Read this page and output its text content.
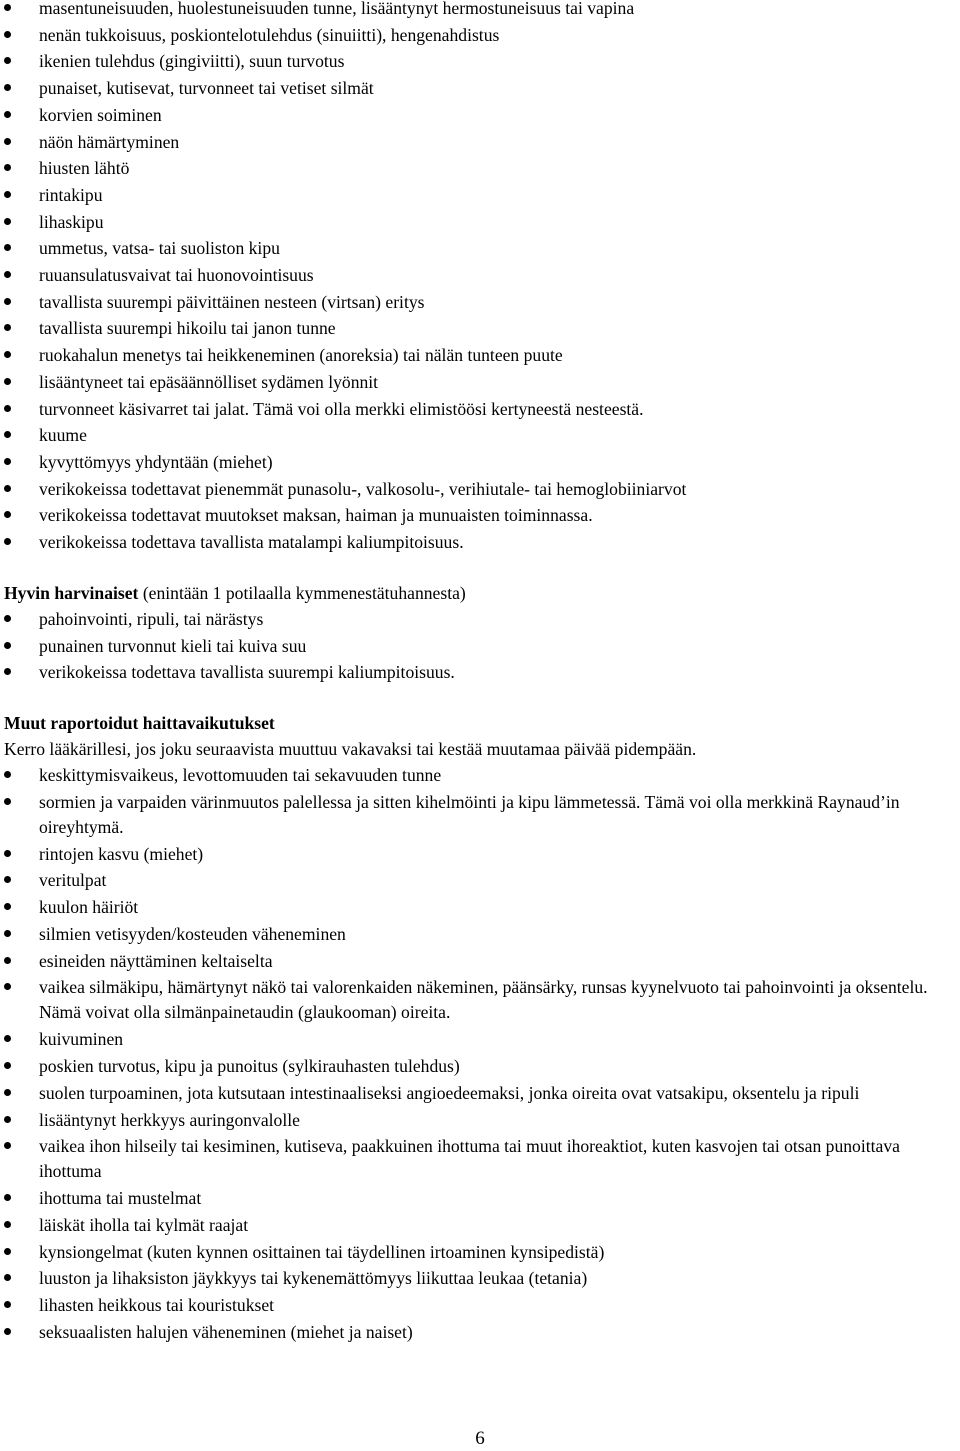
masentuneisuuden, huolestuneisuuden tunne, lisääntynyt hermostuneisuus tai vapina
nenän tukkoisuus, poskiontelotulehdus (sinuiitti), hengenahdistus
ikenien tulehdus (gingiviitti), suun turvotus
punaiset, kutisevat, turvonneet tai vetiset silmät
korvien soiminen
näön hämärtyminen
hiusten lähtö
rintakipu
lihaskipu
ummetus, vatsa- tai suoliston kipu
ruuansulatusvaivat tai huonovointisuus
tavallista suurempi päivittäinen nesteen (virtsan) eritys
tavallista suurempi hikoilu tai janon tunne
ruokahalun menetys tai heikkeneminen (anoreksia) tai nälän tunteen puute
lisääntyneet tai epäsäännölliset sydämen lyönnit
turvonneet käsivarret tai jalat. Tämä voi olla merkki elimistöösi kertyneestä nesteestä.
kuume
kyvyttömyys yhdyntään (miehet)
verikokeissa todettavat pienemmät punasolu-, valkosolu-, verihiutale- tai hemoglobiiniarvot
verikokeissa todettavat muutokset maksan, haiman ja munuaisten toiminnassa.
verikokeissa todettava tavallista matalampi kaliumpitoisuus.

Hyvin harvinaiset (enintään 1 potilaalla kymmenestätuhannesta)

pahoinvointi, ripuli, tai närästys
punainen turvonnut kieli tai kuiva suu
verikokeissa todettava tavallista suurempi kaliumpitoisuus.

Muut raportoidut haittavaikutukset

Kerro lääkärillesi, jos joku seuraavista muuttuu vakavaksi tai kestää muutamaa päivää pidempään.

keskittymisvaikeus, levottomuuden tai sekavuuden tunne
sormien ja varpaiden värinmuutos palellessa ja sitten kihelmöinti ja kipu lämmetessä. Tämä voi olla merkkinä Raynaud’in oireyhtymä.
rintojen kasvu (miehet)
veritulpat
kuulon häiriöt
silmien vetisyyden/kosteuden väheneminen
esineiden näyttäminen keltaiselta
vaikea silmäkipu, hämärtynyt näkö tai valorenkaiden näkeminen, päänsärky, runsas kyynelvuoto tai pahoinvointi ja oksentelu. Nämä voivat olla silmänpainetaudin (glaukooman) oireita.
kuivuminen
poskien turvotus, kipu ja punoitus (sylkirauhasten tulehdus)
suolen turpoaminen, jota kutsutaan intestinaaliseksi angioedeemaksi, jonka oireita ovat vatsakipu, oksentelu ja ripuli
lisääntynyt herkkyys auringonvalolle
vaikea ihon hilseily tai kesiminen, kutiseva, paakkuinen ihottuma tai muut ihoreaktiot, kuten kasvojen tai otsan punoittava ihottuma
ihottuma tai mustelmat
läiskät iholla tai kylmät raajat
kynsiongelmat (kuten kynnen osittainen tai täydellinen irtoaminen kynsipedistä)
luuston ja lihaksiston jäykkyys tai kykenemättömyys liikuttaa leukaa (tetania)
lihasten heikkous tai kouristukset
seksuaalisten halujen väheneminen (miehet ja naiset)
6
